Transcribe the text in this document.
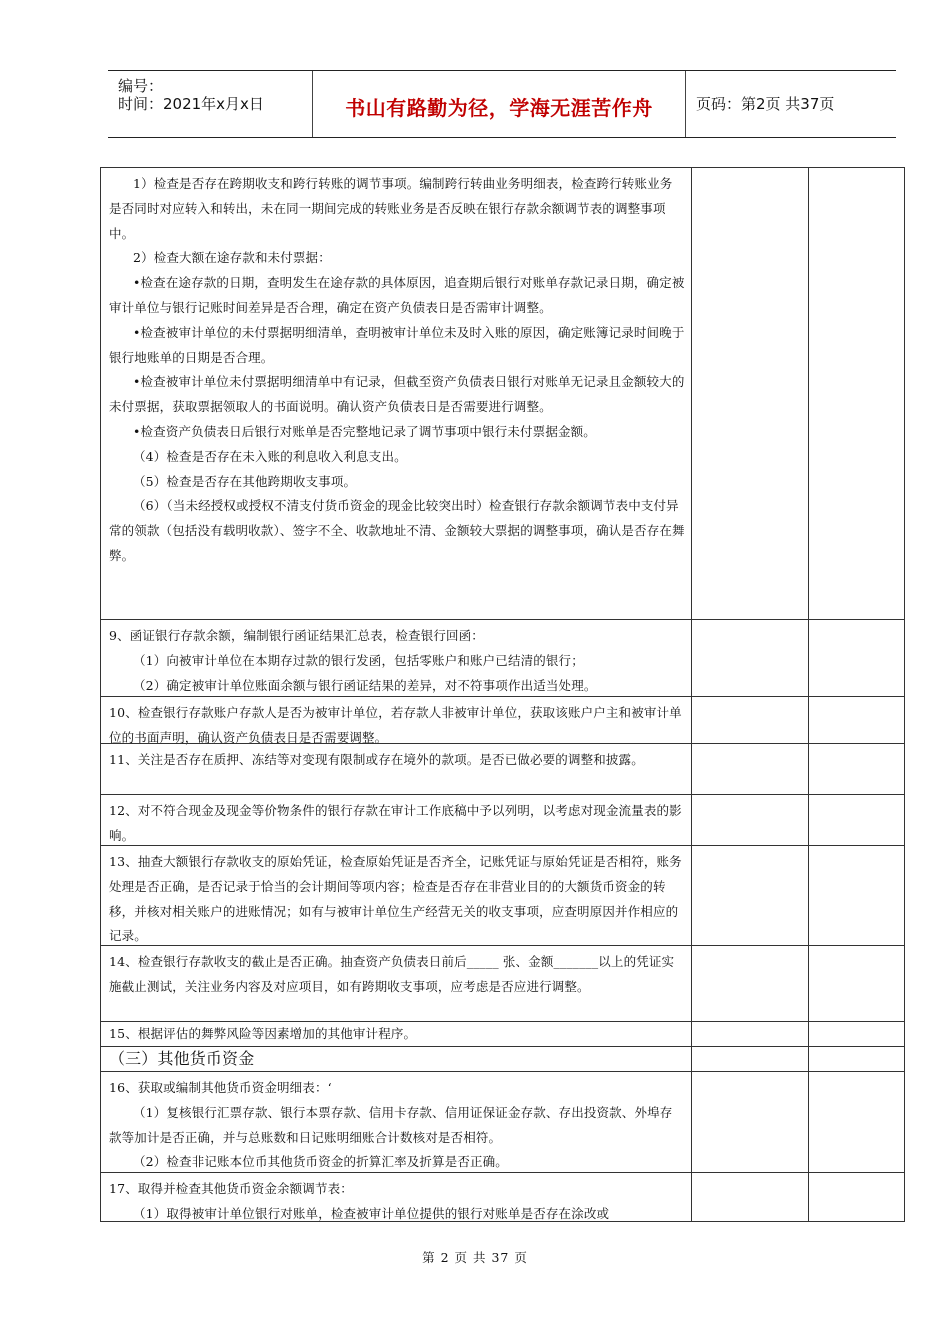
编号：
时间：2021年x月x日	书山有路勤为径，学海无涯苦作舟	页码：第2页 共37页

1）检查是否存在跨期收支和跨行转账的调节事项。编制跨行转曲业务明细表，检查跨行转账业务是否同时对应转入和转出，未在同一期间完成的转账业务是否反映在银行存款余额调节表的调整事项中。

2）检查大额在途存款和未付票据：

•检查在途存款的日期，查明发生在途存款的具体原因，追查期后银行对账单存款记录日期，确定被审计单位与银行记账时间差异是否合理，确定在资产负债表日是否需审计调整。

•检查被审计单位的未付票据明细清单，查明被审计单位未及时入账的原因，确定账簿记录时间晚于银行地账单的日期是否合理。

•检查被审计单位未付票据明细清单中有记录，但截至资产负债表日银行对账单无记录且金额较大的未付票据，获取票据领取人的书面说明。确认资产负债表日是否需要进行调整。

•检查资产负债表日后银行对账单是否完整地记录了调节事项中银行未付票据金额。

（4）检查是否存在未入账的利息收入利息支出。

（5）检查是否存在其他跨期收支事项。

（6）（当未经授权或授权不清支付货币资金的现金比较突出时）检查银行存款余额调节表中支付异常的领款（包括没有载明收款）、签字不全、收款地址不清、金额较大票据的调整事项，确认是否存在舞弊。

9、函证银行存款余额，编制银行函证结果汇总表，检查银行回函：

（1）向被审计单位在本期存过款的银行发函，包括零账户和账户已结清的银行；

（2）确定被审计单位账面余额与银行函证结果的差异，对不符事项作出适当处理。

10、检查银行存款账户存款人是否为被审计单位，若存款人非被审计单位，获取该账户户主和被审计单位的书面声明，确认资产负债表日是否需要调整。

11、关注是否存在质押、冻结等对变现有限制或存在境外的款项。是否已做必要的调整和披露。

12、对不符合现金及现金等价物条件的银行存款在审计工作底稿中予以列明，以考虑对现金流量表的影响。

13、抽查大额银行存款收支的原始凭证，检查原始凭证是否齐全，记账凭证与原始凭证是否相符，账务处理是否正确，是否记录于恰当的会计期间等项内容；检查是否存在非营业目的的大额货币资金的转移，并核对相关账户的进账情况；如有与被审计单位生产经营无关的收支事项，应查明原因并作相应的记录。

14、检查银行存款收支的截止是否正确。抽查资产负债表日前后_____ 张、金额_______以上的凭证实施截止测试，关注业务内容及对应项目，如有跨期收支事项，应考虑是否应进行调整。

15、根据评估的舞弊风险等因素增加的其他审计程序。

（三）其他货币资金

16、获取或编制其他货币资金明细表：‘

（1）复核银行汇票存款、银行本票存款、信用卡存款、信用证保证金存款、存出投资款、外埠存款等加计是否正确，并与总账数和日记账明细账合计数核对是否相符。

（2）检查非记账本位币其他货币资金的折算汇率及折算是否正确。

17、取得并检查其他货币资金余额调节表：

（1）取得被审计单位银行对账单，检查被审计单位提供的银行对账单是否存在涂改或

第 2 页 共 37 页
